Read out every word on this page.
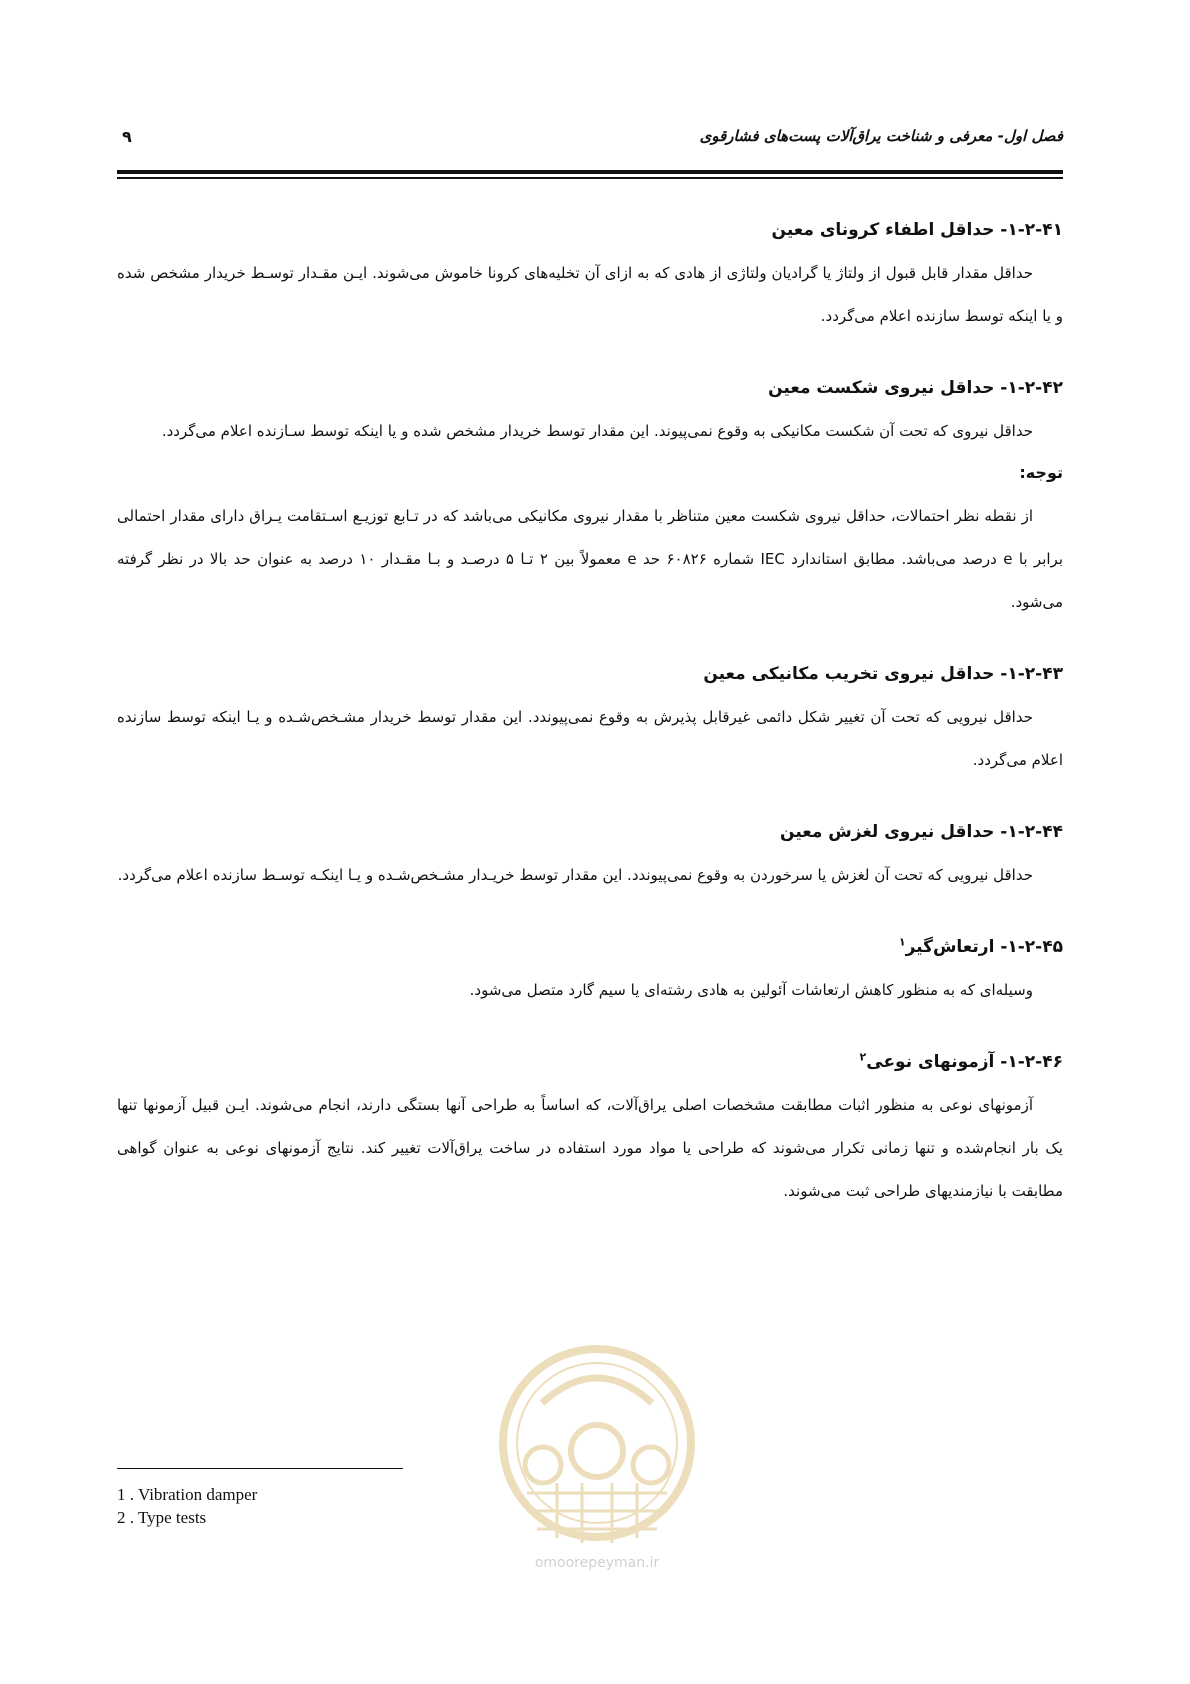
فصل اول- معرفی و شناخت یراق‌آلات پست‌های فشارقوی
۹
۱-۲-۴۱- حداقل اطفاء کرونای معین

حداقل مقدار قابل قبول از ولتاژ یا گرادیان ولتاژی از هادی که به ازای آن تخلیه‌های کرونا خاموش می‌شوند. ایـن مقـدار توسـط خریدار مشخص شده و یا اینکه توسط سازنده اعلام می‌گردد.

۱-۲-۴۲- حداقل نیروی شکست معین

حداقل نیروی که تحت آن شکست مکانیکی به وقوع نمی‌پیوند. این مقدار توسط خریدار مشخص شده و یا اینکه توسط سـازنده اعلام می‌گردد.

توجه:

از نقطه نظر احتمالات، حداقل نیروی شکست معین متناظر با مقدار نیروی مکانیکی می‌باشد که در تـابع توزیـع اسـتقامت یـراق دارای مقدار احتمالی برابر با e درصد می‌باشد. مطابق استاندارد IEC شماره ۶۰۸۲۶ حد e معمولاً بین ۲ تـا ۵ درصـد و بـا مقـدار ۱۰ درصد به عنوان حد بالا در نظر گرفته می‌شود.

۱-۲-۴۳- حداقل نیروی تخریب مکانیکی معین

حداقل نیرویی که تحت آن تغییر شکل دائمی غیرقابل پذیرش به وقوع نمی‌پیوندد. این مقدار توسط خریدار مشـخص‌شـده و یـا اینکه توسط سازنده اعلام می‌گردد.

۱-۲-۴۴- حداقل نیروی لغزش معین

حداقل نیرویی که تحت آن لغزش یا سرخوردن به وقوع نمی‌پیوندد. این مقدار توسط خریـدار مشـخص‌شـده و یـا اینکـه توسـط سازنده اعلام می‌گردد.

۱-۲-۴۵- ارتعاش‌گیر$^۱$

وسیله‌ای که به منظور کاهش ارتعاشات آئولین به هادی رشته‌ای یا سیم گارد متصل می‌شود.

۱-۲-۴۶- آزمونهای نوعی$^۲$

آزمونهای نوعی به منظور اثبات مطابقت مشخصات اصلی یراق‌آلات، که اساساً به طراحی آنها بستگی دارند، انجام می‌شوند. ایـن قبیل آزمونها تنها یک بار انجام‌شده و تنها زمانی تکرار می‌شوند که طراحی یا مواد مورد استفاده در ساخت یراق‌آلات تغییر کند. نتایج آزمونهای نوعی به عنوان گواهی مطابقت با نیازمندیهای طراحی ثبت می‌شوند.

omoorepeyman.ir
1 . Vibration damper
2 . Type tests
